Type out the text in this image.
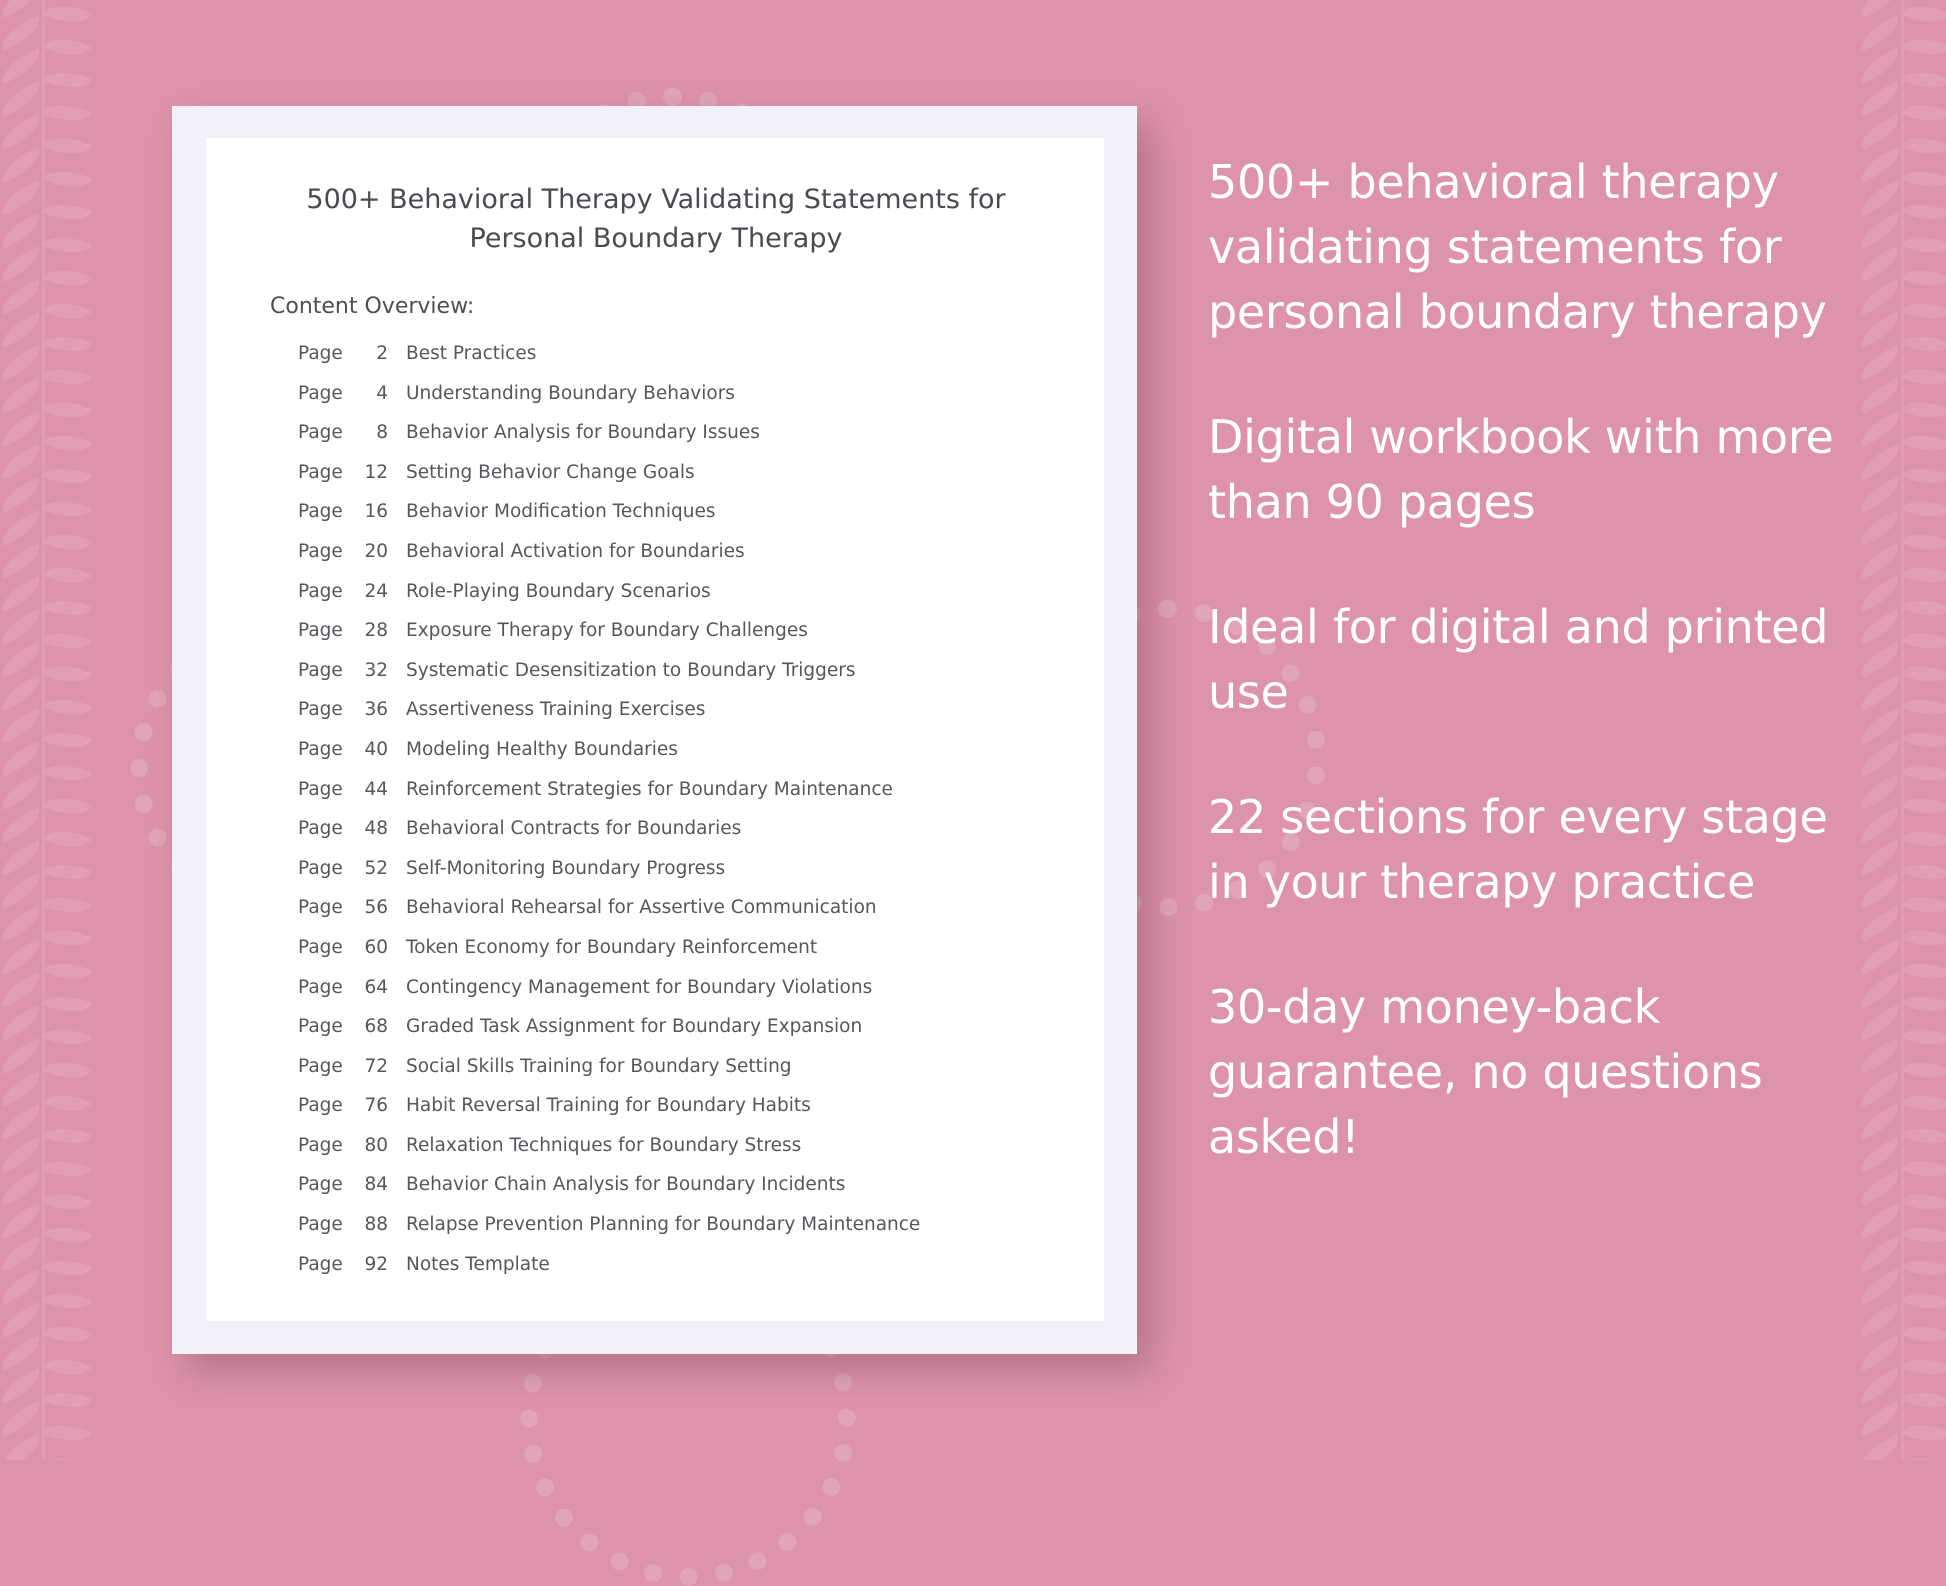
500+ Behavioral Therapy Validating Statements for Personal Boundary Therapy
Content Overview:
Page	2 Best Practices
Page	4 Understanding Boundary Behaviors
Page	8 Behavior Analysis for Boundary Issues
Page	12 Setting Behavior Change Goals
Page	16 Behavior Modification Techniques
Page	20 Behavioral Activation for Boundaries
Page	24 Role-Playing Boundary Scenarios
Page	28 Exposure Therapy for Boundary Challenges
Page	32 Systematic Desensitization to Boundary Triggers
Page	36 Assertiveness Training Exercises
Page	40 Modeling Healthy Boundaries
Page	44 Reinforcement Strategies for Boundary Maintenance
Page	48 Behavioral Contracts for Boundaries
Page	52 Self-Monitoring Boundary Progress
Page	56 Behavioral Rehearsal for Assertive Communication
Page	60 Token Economy for Boundary Reinforcement
Page	64 Contingency Management for Boundary Violations
Page	68 Graded Task Assignment for Boundary Expansion
Page	72 Social Skills Training for Boundary Setting
Page	76 Habit Reversal Training for Boundary Habits
Page	80 Relaxation Techniques for Boundary Stress
Page	84 Behavior Chain Analysis for Boundary Incidents
Page	88 Relapse Prevention Planning for Boundary Maintenance
Page	92 Notes Template
500+ behavioral therapy validating statements for personal boundary therapy
Digital workbook with more than 90 pages
Ideal for digital and printed use
22 sections for every stage in your therapy practice
30-day money-back guarantee, no questions asked!
